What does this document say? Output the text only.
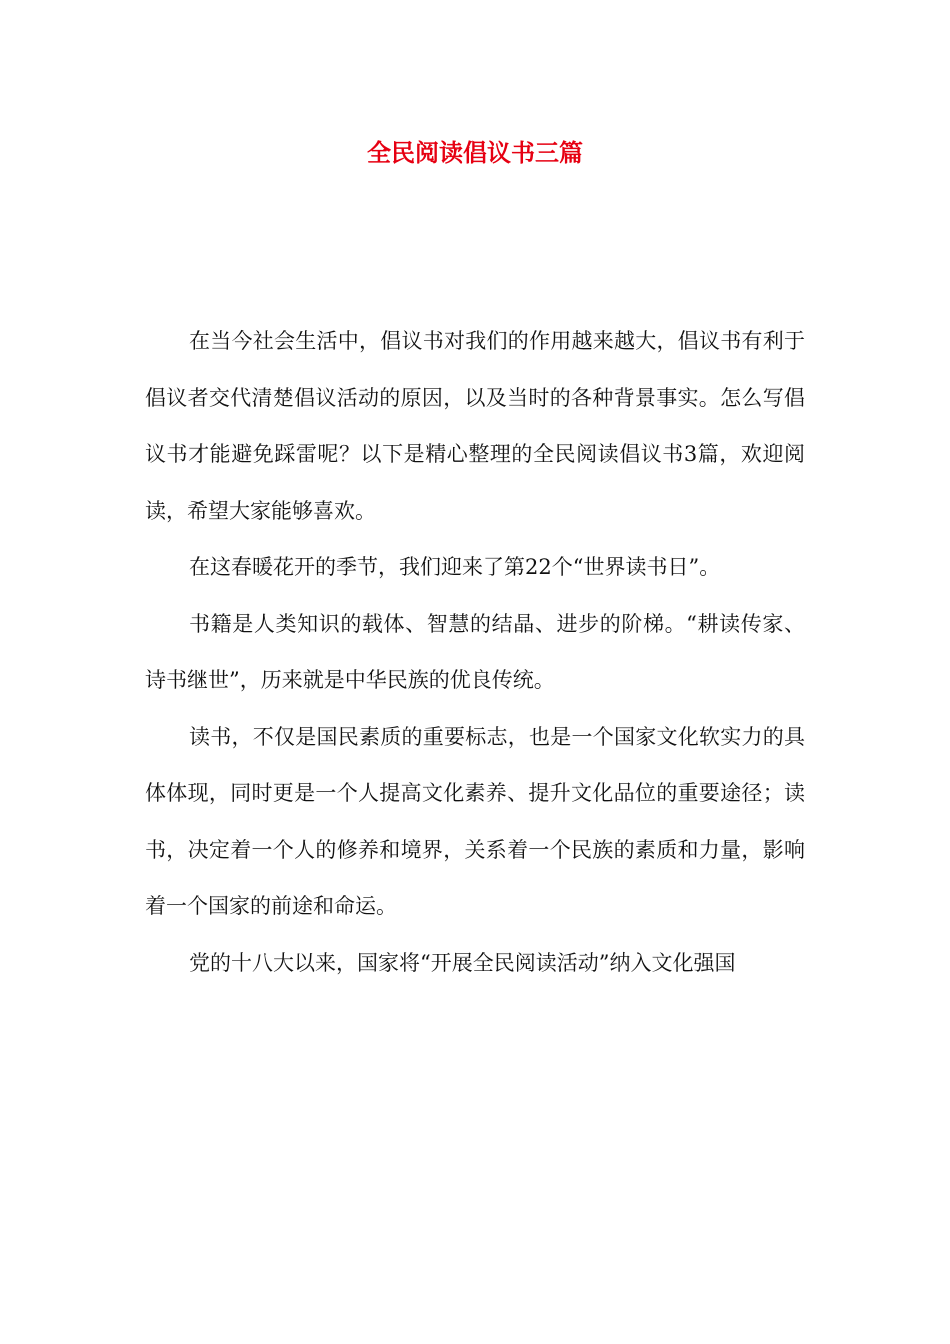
全民阅读倡议书三篇

在当今社会生活中，倡议书对我们的作用越来越大，倡议书有利于倡议者交代清楚倡议活动的原因，以及当时的各种背景事实。怎么写倡议书才能避免踩雷呢？以下是精心整理的全民阅读倡议书3篇，欢迎阅读，希望大家能够喜欢。

在这春暖花开的季节，我们迎来了第22个“世界读书日”。

书籍是人类知识的载体、智慧的结晶、进步的阶梯。“耕读传家、诗书继世”，历来就是中华民族的优良传统。

读书，不仅是国民素质的重要标志，也是一个国家文化软实力的具体体现，同时更是一个人提高文化素养、提升文化品位的重要途径；读书，决定着一个人的修养和境界，关系着一个民族的素质和力量，影响着一个国家的前途和命运。

党的十八大以来，国家将“开展全民阅读活动”纳入文化强国
